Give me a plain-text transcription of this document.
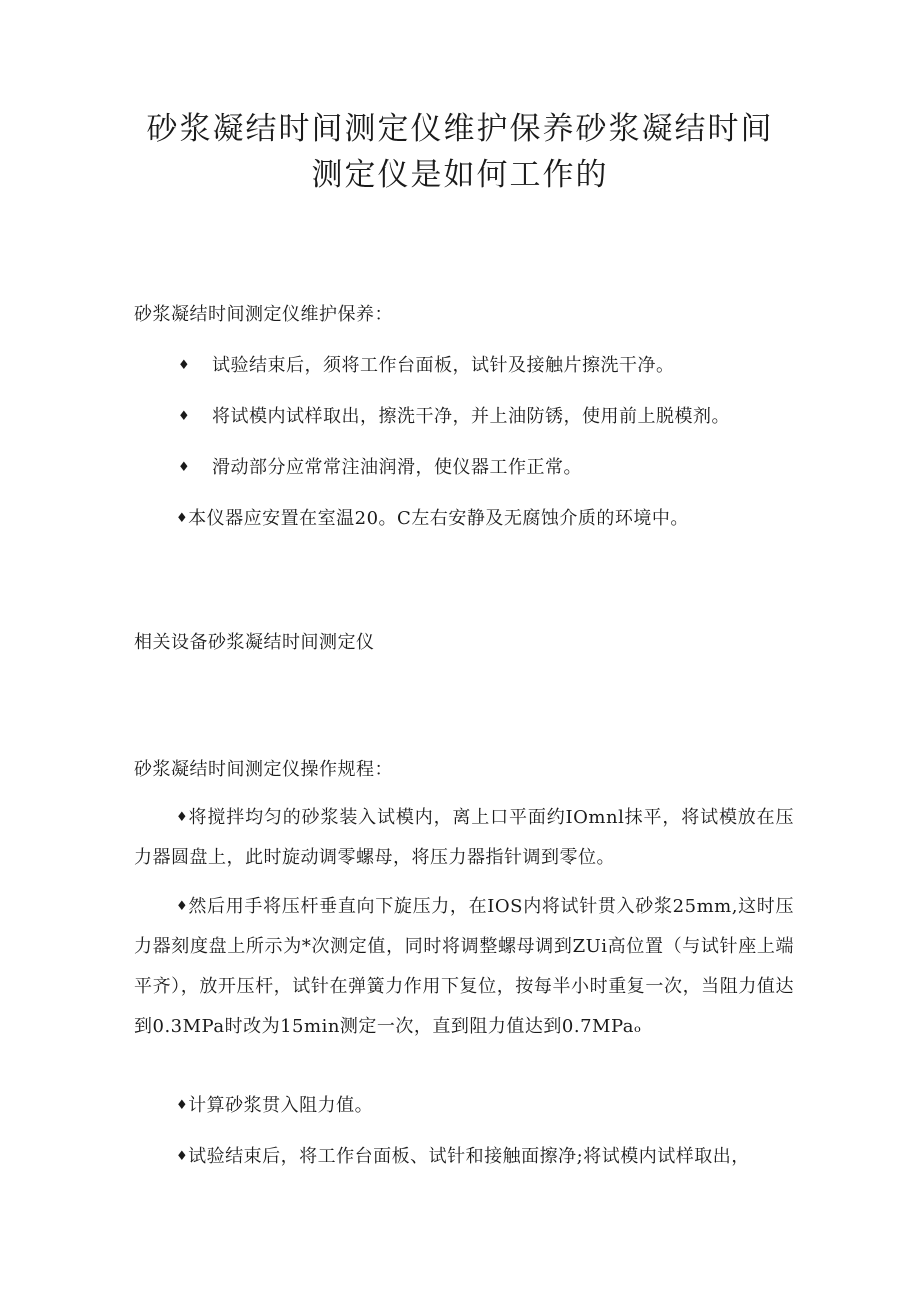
砂浆凝结时间测定仪维护保养砂浆凝结时间
测定仪是如何工作的

砂浆凝结时间测定仪维护保养：

♦ 试验结束后，须将工作台面板，试针及接触片擦洗干净。
♦ 将试模内试样取出，擦洗干净，并上油防锈，使用前上脱模剂。
♦ 滑动部分应常常注油润滑，使仪器工作正常。

♦本仪器应安置在室温20。C左右安静及无腐蚀介质的环境中。

相关设备砂浆凝结时间测定仪

砂浆凝结时间测定仪操作规程：

♦将搅拌均匀的砂浆装入试模内，离上口平面约IOmnl抹平，将试模放在压力器圆盘上，此时旋动调零螺母，将压力器指针调到零位。

♦然后用手将压杆垂直向下旋压力，在IOS内将试针贯入砂浆25mm,这时压力器刻度盘上所示为*次测定值，同时将调整螺母调到ZUi高位置（与试针座上端平齐），放开压杆，试针在弹簧力作用下复位，按每半小时重复一次，当阻力值达到0.3MPa时改为15min测定一次，直到阻力值达到0.7MPaₒ

♦计算砂浆贯入阻力值。

♦试验结束后，将工作台面板、试针和接触面擦净;将试模内试样取出，
